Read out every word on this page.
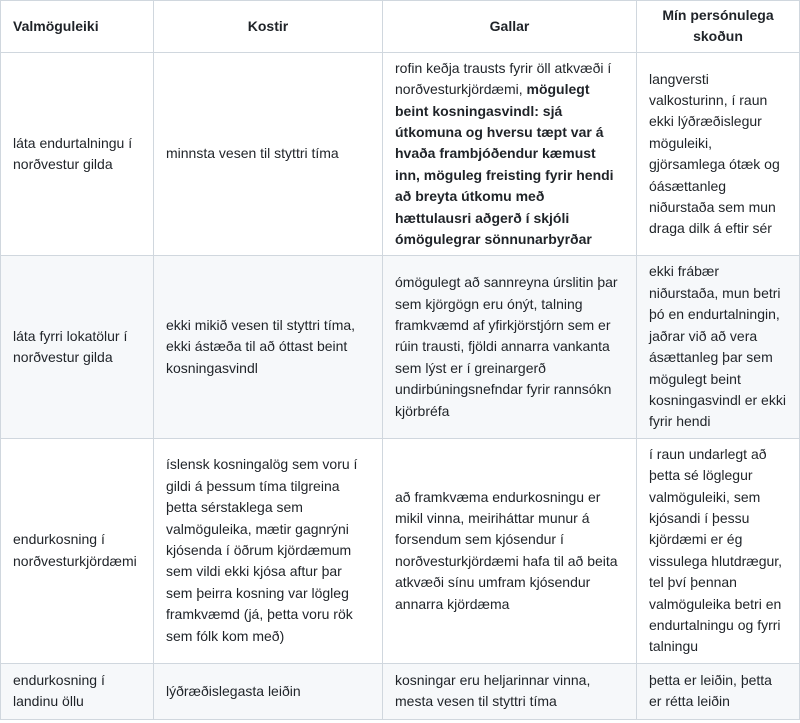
Valmöguleiki	Kostir	Gallar	Mín persónulega skoðun
láta endurtalningu í norðvestur gilda	minnsta vesen til styttri tíma	rofin keðja trausts fyrir öll atkvæði í norðvesturkjördæmi, mögulegt beint kosningasvindl: sjá útkomuna og hversu tæpt var á hvaða frambjóðendur kæmust inn, möguleg freisting fyrir hendi að breyta útkomu með hættulausri aðgerð í skjóli ómögulegrar sönnunarbyrðar	langversti valkosturinn, í raun ekki lýðræðislegur möguleiki, gjörsamlega ótæk og óásættanleg niðurstaða sem mun draga dilk á eftir sér
láta fyrri lokatölur í norðvestur gilda	ekki mikið vesen til styttri tíma, ekki ástæða til að óttast beint kosningasvindl	ómögulegt að sannreyna úrslitin þar sem kjörgögn eru ónýt, talning framkvæmd af yfirkjörstjórn sem er rúin trausti, fjöldi annarra vankanta sem lýst er í greinargerð undirbúningsnefndar fyrir rannsókn kjörbréfa	ekki frábær niðurstaða, mun betri þó en endurtalningin, jaðrar við að vera ásættanleg þar sem mögulegt beint kosningasvindl er ekki fyrir hendi
endurkosning í norðvesturkjördæmi	íslensk kosningalög sem voru í gildi á þessum tíma tilgreina þetta sérstaklega sem valmöguleika, mætir gagnrýni kjósenda í öðrum kjördæmum sem vildi ekki kjósa aftur þar sem þeirra kosning var lögleg framkvæmd (já, þetta voru rök sem fólk kom með)	að framkvæma endurkosningu er mikil vinna, meiriháttar munur á forsendum sem kjósendur í norðvesturkjördæmi hafa til að beita atkvæði sínu umfram kjósendur annarra kjördæma	í raun undarlegt að þetta sé löglegur valmöguleiki, sem kjósandi í þessu kjördæmi er ég vissulega hlutdrægur, tel því þennan valmöguleika betri en endurtalningu og fyrri talningu
endurkosning í landinu öllu	lýðræðislegasta leiðin	kosningar eru heljarinnar vinna, mesta vesen til styttri tíma	þetta er leiðin, þetta er rétta leiðin
